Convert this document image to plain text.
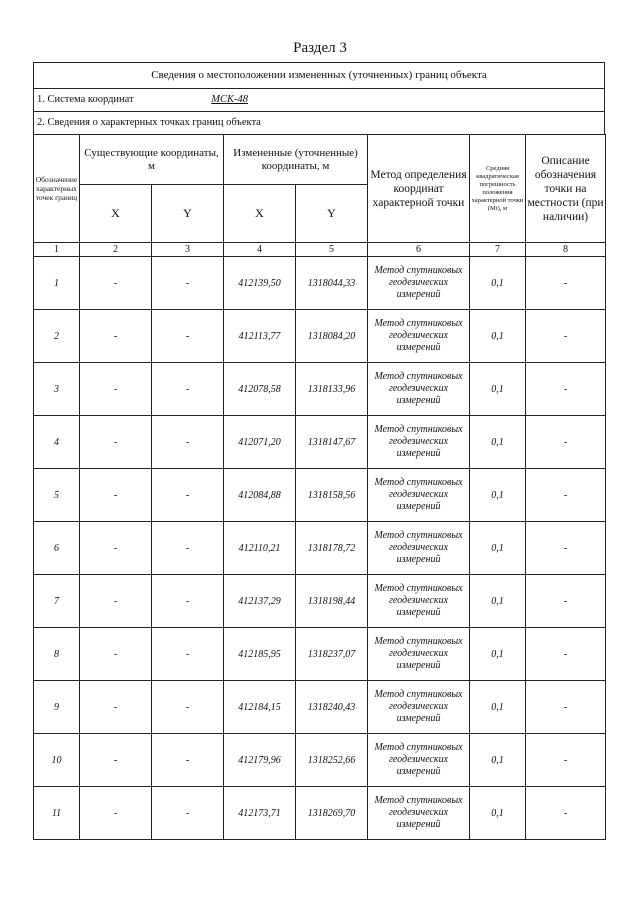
Раздел 3
Сведения о местоположении измененных (уточненных) границ объекта
1. Система координат	МСК-48
2. Сведения о характерных точках границ объекта
Обозначение характерных точек границ	Существующие координаты, м		Измененные (уточненные) координаты, м		Метод определения координат характерной точки	Средняя квадратическая погрешность положения характерной точки (Mt), м	Описание обозначения точки на местности (при наличии)
	X	Y	X	Y			
1	2	3	4	5	6	7	8
1	-	-	412139,50	1318044,33	Метод спутниковых геодезических измерений	0,1	-
2	-	-	412113,77	1318084,20	Метод спутниковых геодезических измерений	0,1	-
3	-	-	412078,58	1318133,96	Метод спутниковых геодезических измерений	0,1	-
4	-	-	412071,20	1318147,67	Метод спутниковых геодезических измерений	0,1	-
5	-	-	412084,88	1318158,56	Метод спутниковых геодезических измерений	0,1	-
6	-	-	412110,21	1318178,72	Метод спутниковых геодезических измерений	0,1	-
7	-	-	412137,29	1318198,44	Метод спутниковых геодезических измерений	0,1	-
8	-	-	412185,95	1318237,07	Метод спутниковых геодезических измерений	0,1	-
9	-	-	412184,15	1318240,43	Метод спутниковых геодезических измерений	0,1	-
10	-	-	412179,96	1318252,66	Метод спутниковых геодезических измерений	0,1	-
11	-	-	412173,71	1318269,70	Метод спутниковых геодезических измерений	0,1	-
